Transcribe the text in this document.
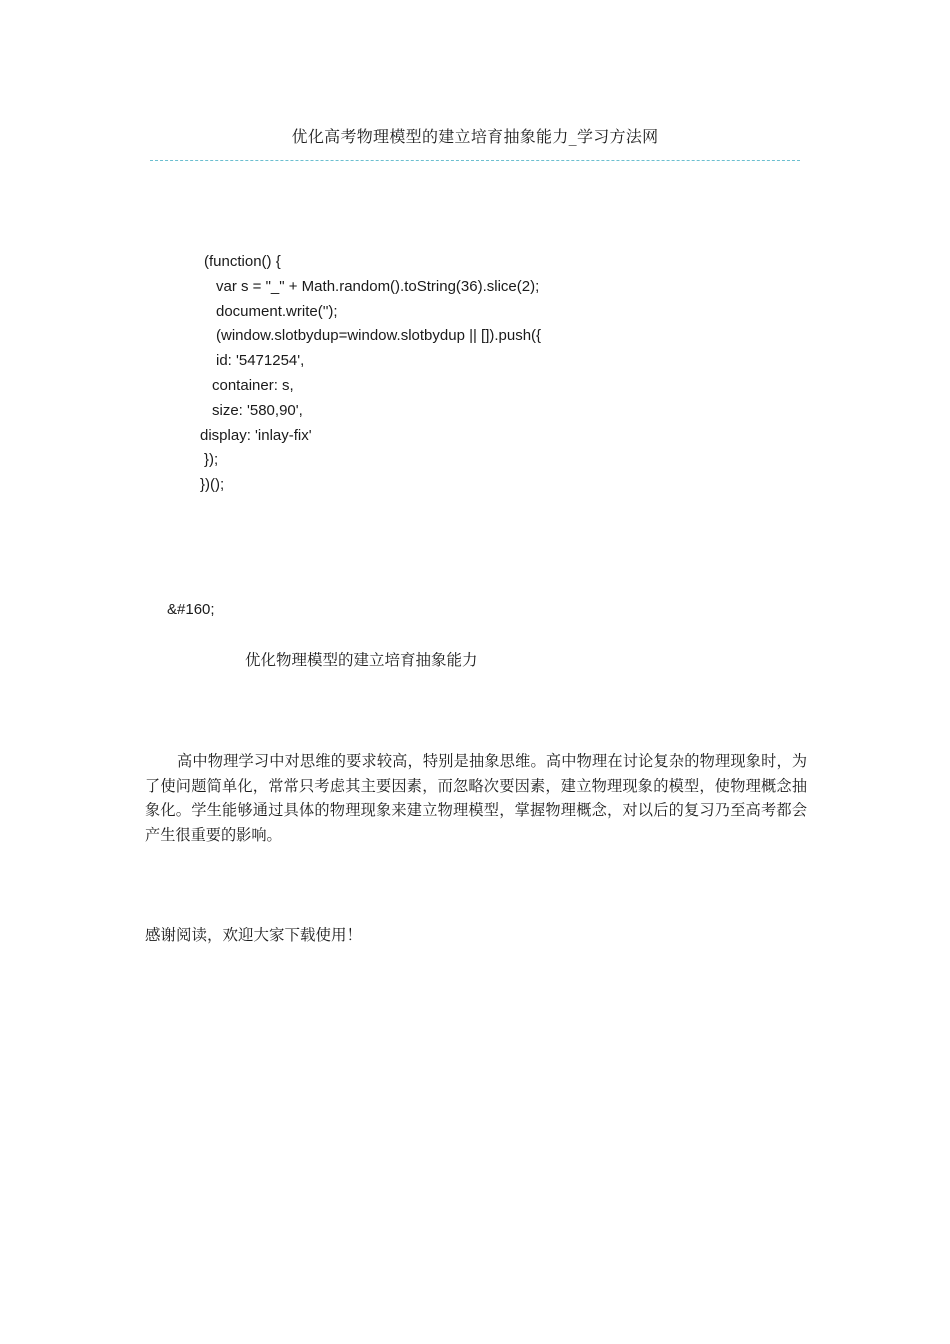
优化高考物理模型的建立培育抽象能力_学习方法网
(function() {
var s = "_" + Math.random().toString(36).slice(2);
document.write('');
(window.slotbydup=window.slotbydup || []).push({
id: '5471254',
container: s,
size: '580,90',
display: 'inlay-fix'
});
})();
&#160;
优化物理模型的建立培育抽象能力
高中物理学习中对思维的要求较高，特别是抽象思维。高中物理在讨论复杂的物理现象时，为了使问题简单化，常常只考虑其主要因素，而忽略次要因素，建立物理现象的模型，使物理概念抽象化。学生能够通过具体的物理现象来建立物理模型，掌握物理概念，对以后的复习乃至高考都会产生很重要的影响。
感谢阅读，欢迎大家下载使用！
